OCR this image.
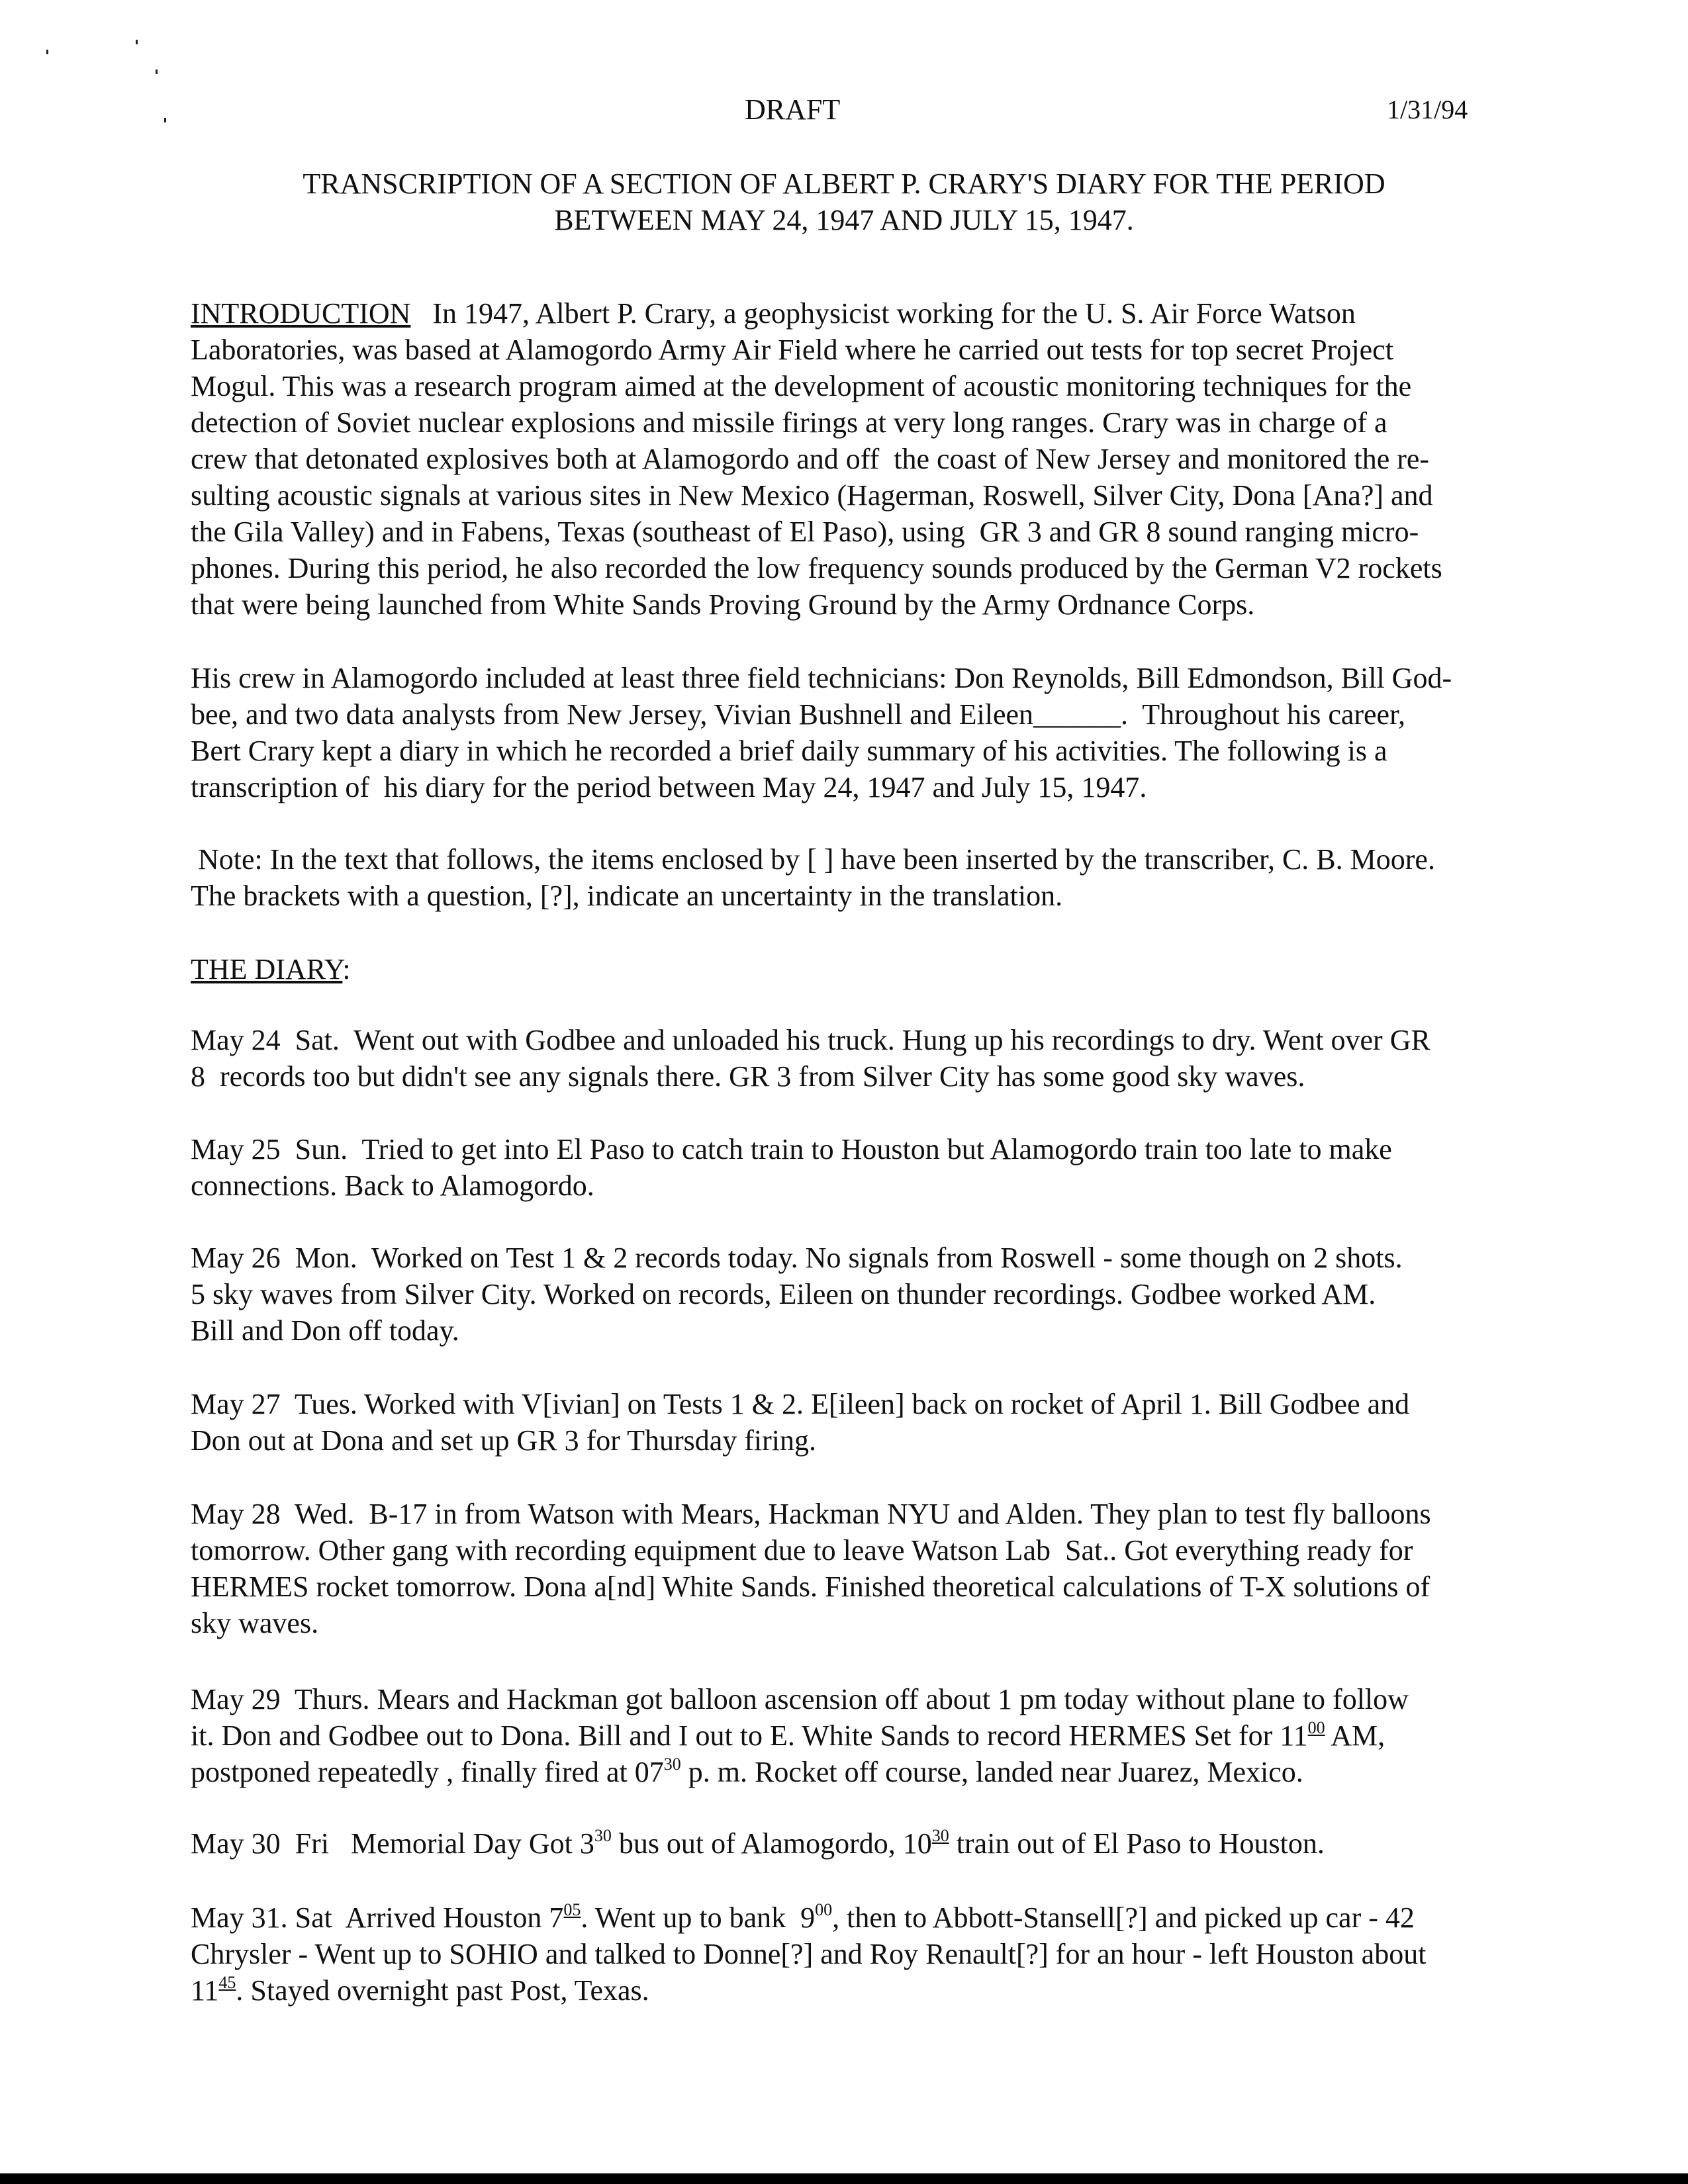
DRAFT	1/31/94
TRANSCRIPTION OF A SECTION OF ALBERT P. CRARY'S DIARY FOR THE PERIOD
BETWEEN MAY 24, 1947 AND JULY 15, 1947.
INTRODUCTION   In 1947, Albert P. Crary, a geophysicist working for the U. S. Air Force Watson
Laboratories, was based at Alamogordo Army Air Field where he carried out tests for top secret Project
Mogul. This was a research program aimed at the development of acoustic monitoring techniques for the
detection of Soviet nuclear explosions and missile firings at very long ranges. Crary was in charge of a
crew that detonated explosives both at Alamogordo and off  the coast of New Jersey and monitored the re-
sulting acoustic signals at various sites in New Mexico (Hagerman, Roswell, Silver City, Dona [Ana?] and
the Gila Valley) and in Fabens, Texas (southeast of El Paso), using  GR 3 and GR 8 sound ranging micro-
phones. During this period, he also recorded the low frequency sounds produced by the German V2 rockets
that were being launched from White Sands Proving Ground by the Army Ordnance Corps.
His crew in Alamogordo included at least three field technicians: Don Reynolds, Bill Edmondson, Bill God-
bee, and two data analysts from New Jersey, Vivian Bushnell and Eileen______.  Throughout his career,
Bert Crary kept a diary in which he recorded a brief daily summary of his activities. The following is a
transcription of  his diary for the period between May 24, 1947 and July 15, 1947.
Note: In the text that follows, the items enclosed by [ ] have been inserted by the transcriber, C. B. Moore.
The brackets with a question, [?], indicate an uncertainty in the translation.
THE DIARY:
May 24  Sat.  Went out with Godbee and unloaded his truck. Hung up his recordings to dry. Went over GR
8  records too but didn't see any signals there. GR 3 from Silver City has some good sky waves.
May 25  Sun.  Tried to get into El Paso to catch train to Houston but Alamogordo train too late to make
connections. Back to Alamogordo.
May 26  Mon.  Worked on Test 1 & 2 records today. No signals from Roswell - some though on 2 shots.
5 sky waves from Silver City. Worked on records, Eileen on thunder recordings. Godbee worked AM.
Bill and Don off today.
May 27  Tues. Worked with V[ivian] on Tests 1 & 2. E[ileen] back on rocket of April 1. Bill Godbee and
Don out at Dona and set up GR 3 for Thursday firing.
May 28  Wed.  B-17 in from Watson with Mears, Hackman NYU and Alden. They plan to test fly balloons
tomorrow. Other gang with recording equipment due to leave Watson Lab  Sat.. Got everything ready for
HERMES rocket tomorrow. Dona a[nd] White Sands. Finished theoretical calculations of T-X solutions of
sky waves.
May 29  Thurs. Mears and Hackman got balloon ascension off about 1 pm today without plane to follow
it. Don and Godbee out to Dona. Bill and I out to E. White Sands to record HERMES Set for $11^{00}$ AM,
postponed repeatedly , finally fired at $07^{30}$ p. m. Rocket off course, landed near Juarez, Mexico.
May 30  Fri   Memorial Day Got $3^{30}$ bus out of Alamogordo, $10^{30}$ train out of El Paso to Houston.
May 31. Sat  Arrived Houston $7^{05}$. Went up to bank  $9^{00}$, then to Abbott-Stansell[?] and picked up car - 42
Chrysler - Went up to SOHIO and talked to Donne[?] and Roy Renault[?] for an hour - left Houston about
$11^{45}$. Stayed overnight past Post, Texas.
